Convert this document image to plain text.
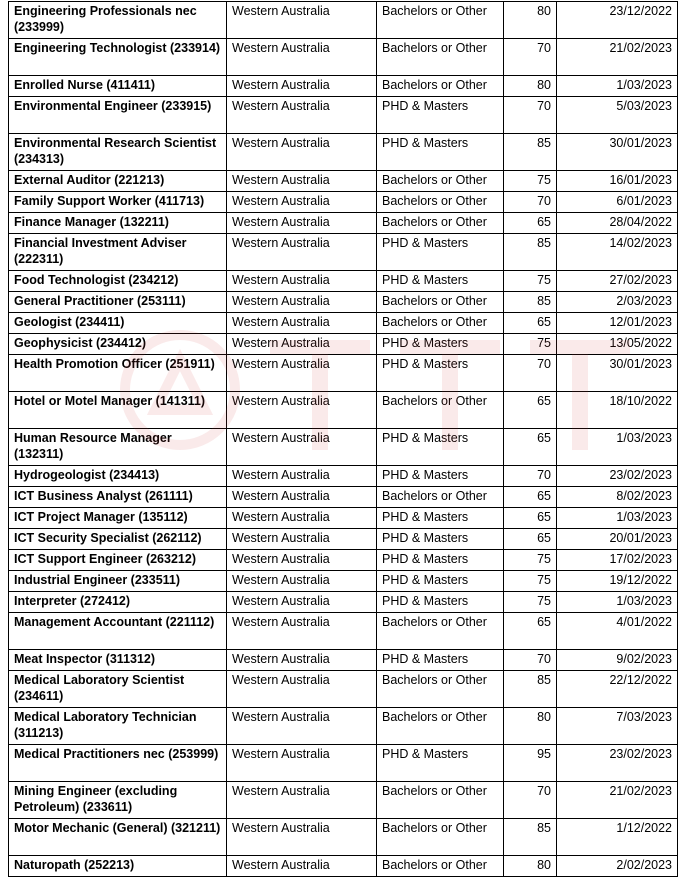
Engineering Professionals nec (233999)	Western Australia	Bachelors or Other	80	23/12/2022
Engineering Technologist (233914)	Western Australia	Bachelors or Other	70	21/02/2023
Enrolled Nurse (411411)	Western Australia	Bachelors or Other	80	1/03/2023
Environmental Engineer (233915)	Western Australia	PHD & Masters	70	5/03/2023
Environmental Research Scientist (234313)	Western Australia	PHD & Masters	85	30/01/2023
External Auditor (221213)	Western Australia	Bachelors or Other	75	16/01/2023
Family Support Worker (411713)	Western Australia	Bachelors or Other	70	6/01/2023
Finance Manager (132211)	Western Australia	Bachelors or Other	65	28/04/2022
Financial Investment Adviser (222311)	Western Australia	PHD & Masters	85	14/02/2023
Food Technologist (234212)	Western Australia	PHD & Masters	75	27/02/2023
General Practitioner (253111)	Western Australia	Bachelors or Other	85	2/03/2023
Geologist (234411)	Western Australia	Bachelors or Other	65	12/01/2023
Geophysicist (234412)	Western Australia	PHD & Masters	75	13/05/2022
Health Promotion Officer (251911)	Western Australia	PHD & Masters	70	30/01/2023
Hotel or Motel Manager (141311)	Western Australia	Bachelors or Other	65	18/10/2022
Human Resource Manager (132311)	Western Australia	PHD & Masters	65	1/03/2023
Hydrogeologist (234413)	Western Australia	PHD & Masters	70	23/02/2023
ICT Business Analyst (261111)	Western Australia	Bachelors or Other	65	8/02/2023
ICT Project Manager (135112)	Western Australia	PHD & Masters	65	1/03/2023
ICT Security Specialist (262112)	Western Australia	PHD & Masters	65	20/01/2023
ICT Support Engineer (263212)	Western Australia	PHD & Masters	75	17/02/2023
Industrial Engineer (233511)	Western Australia	PHD & Masters	75	19/12/2022
Interpreter (272412)	Western Australia	PHD & Masters	75	1/03/2023
Management Accountant (221112)	Western Australia	Bachelors or Other	65	4/01/2022
Meat Inspector (311312)	Western Australia	PHD & Masters	70	9/02/2023
Medical Laboratory Scientist (234611)	Western Australia	Bachelors or Other	85	22/12/2022
Medical Laboratory Technician (311213)	Western Australia	Bachelors or Other	80	7/03/2023
Medical Practitioners nec (253999)	Western Australia	PHD & Masters	95	23/02/2023
Mining Engineer (excluding Petroleum) (233611)	Western Australia	Bachelors or Other	70	21/02/2023
Motor Mechanic (General) (321211)	Western Australia	Bachelors or Other	85	1/12/2022
Naturopath (252213)	Western Australia	Bachelors or Other	80	2/02/2023
